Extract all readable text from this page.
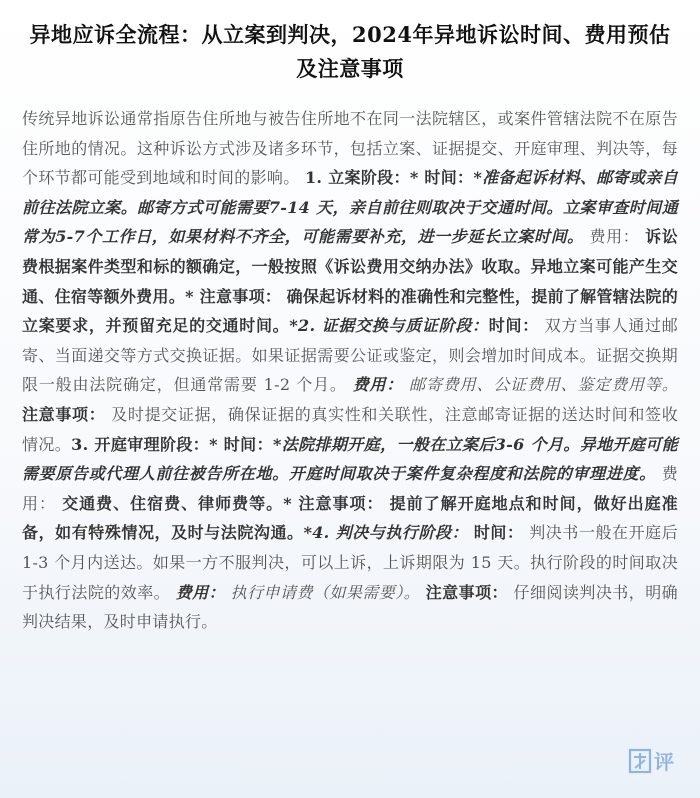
异地应诉全流程：从立案到判决，2024年异地诉讼时间、费用预估及注意事项
传统异地诉讼通常指原告住所地与被告住所地不在同一法院辖区，或案件管辖法院不在原告住所地的情况。这种诉讼方式涉及诸多环节，包括立案、证据提交、开庭审理、判决等，每个环节都可能受到地域和时间的影响。 1. 立案阶段：* 时间：*准备起诉材料、邮寄或亲自前往法院立案。邮寄方式可能需要7-14 天，亲自前往则取决于交通时间。立案审查时间通常为5-7个工作日，如果材料不齐全，可能需要补充，进一步延长立案时间。 费用： 诉讼费根据案件类型和标的额确定，一般按照《诉讼费用交纳办法》收取。异地立案可能产生交通、住宿等额外费用。* 注意事项： 确保起诉材料的准确性和完整性，提前了解管辖法院的立案要求，并预留充足的交通时间。*2. 证据交换与质证阶段：时间： 双方当事人通过邮寄、当面递交等方式交换证据。如果证据需要公证或鉴定，则会增加时间成本。证据交换期限一般由法院确定，但通常需要 1-2 个月。 费用： 邮寄费用、公证费用、鉴定费用等。 注意事项： 及时提交证据，确保证据的真实性和关联性，注意邮寄证据的送达时间和签收情况。3. 开庭审理阶段：* 时间：*法院排期开庭，一般在立案后3-6 个月。异地开庭可能需要原告或代理人前往被告所在地。开庭时间取决于案件复杂程度和法院的审理进度。 费用： 交通费、住宿费、律师费等。* 注意事项： 提前了解开庭地点和时间，做好出庭准备，如有特殊情况，及时与法院沟通。*4. 判决与执行阶段： 时间： 判决书一般在开庭后 1-3 个月内送达。如果一方不服判决，可以上诉，上诉期限为 15 天。执行阶段的时间取决于执行法院的效率。 费用： 执行申请费（如果需要）。 注意事项： 仔细阅读判决书，明确判决结果，及时申请执行。
评
